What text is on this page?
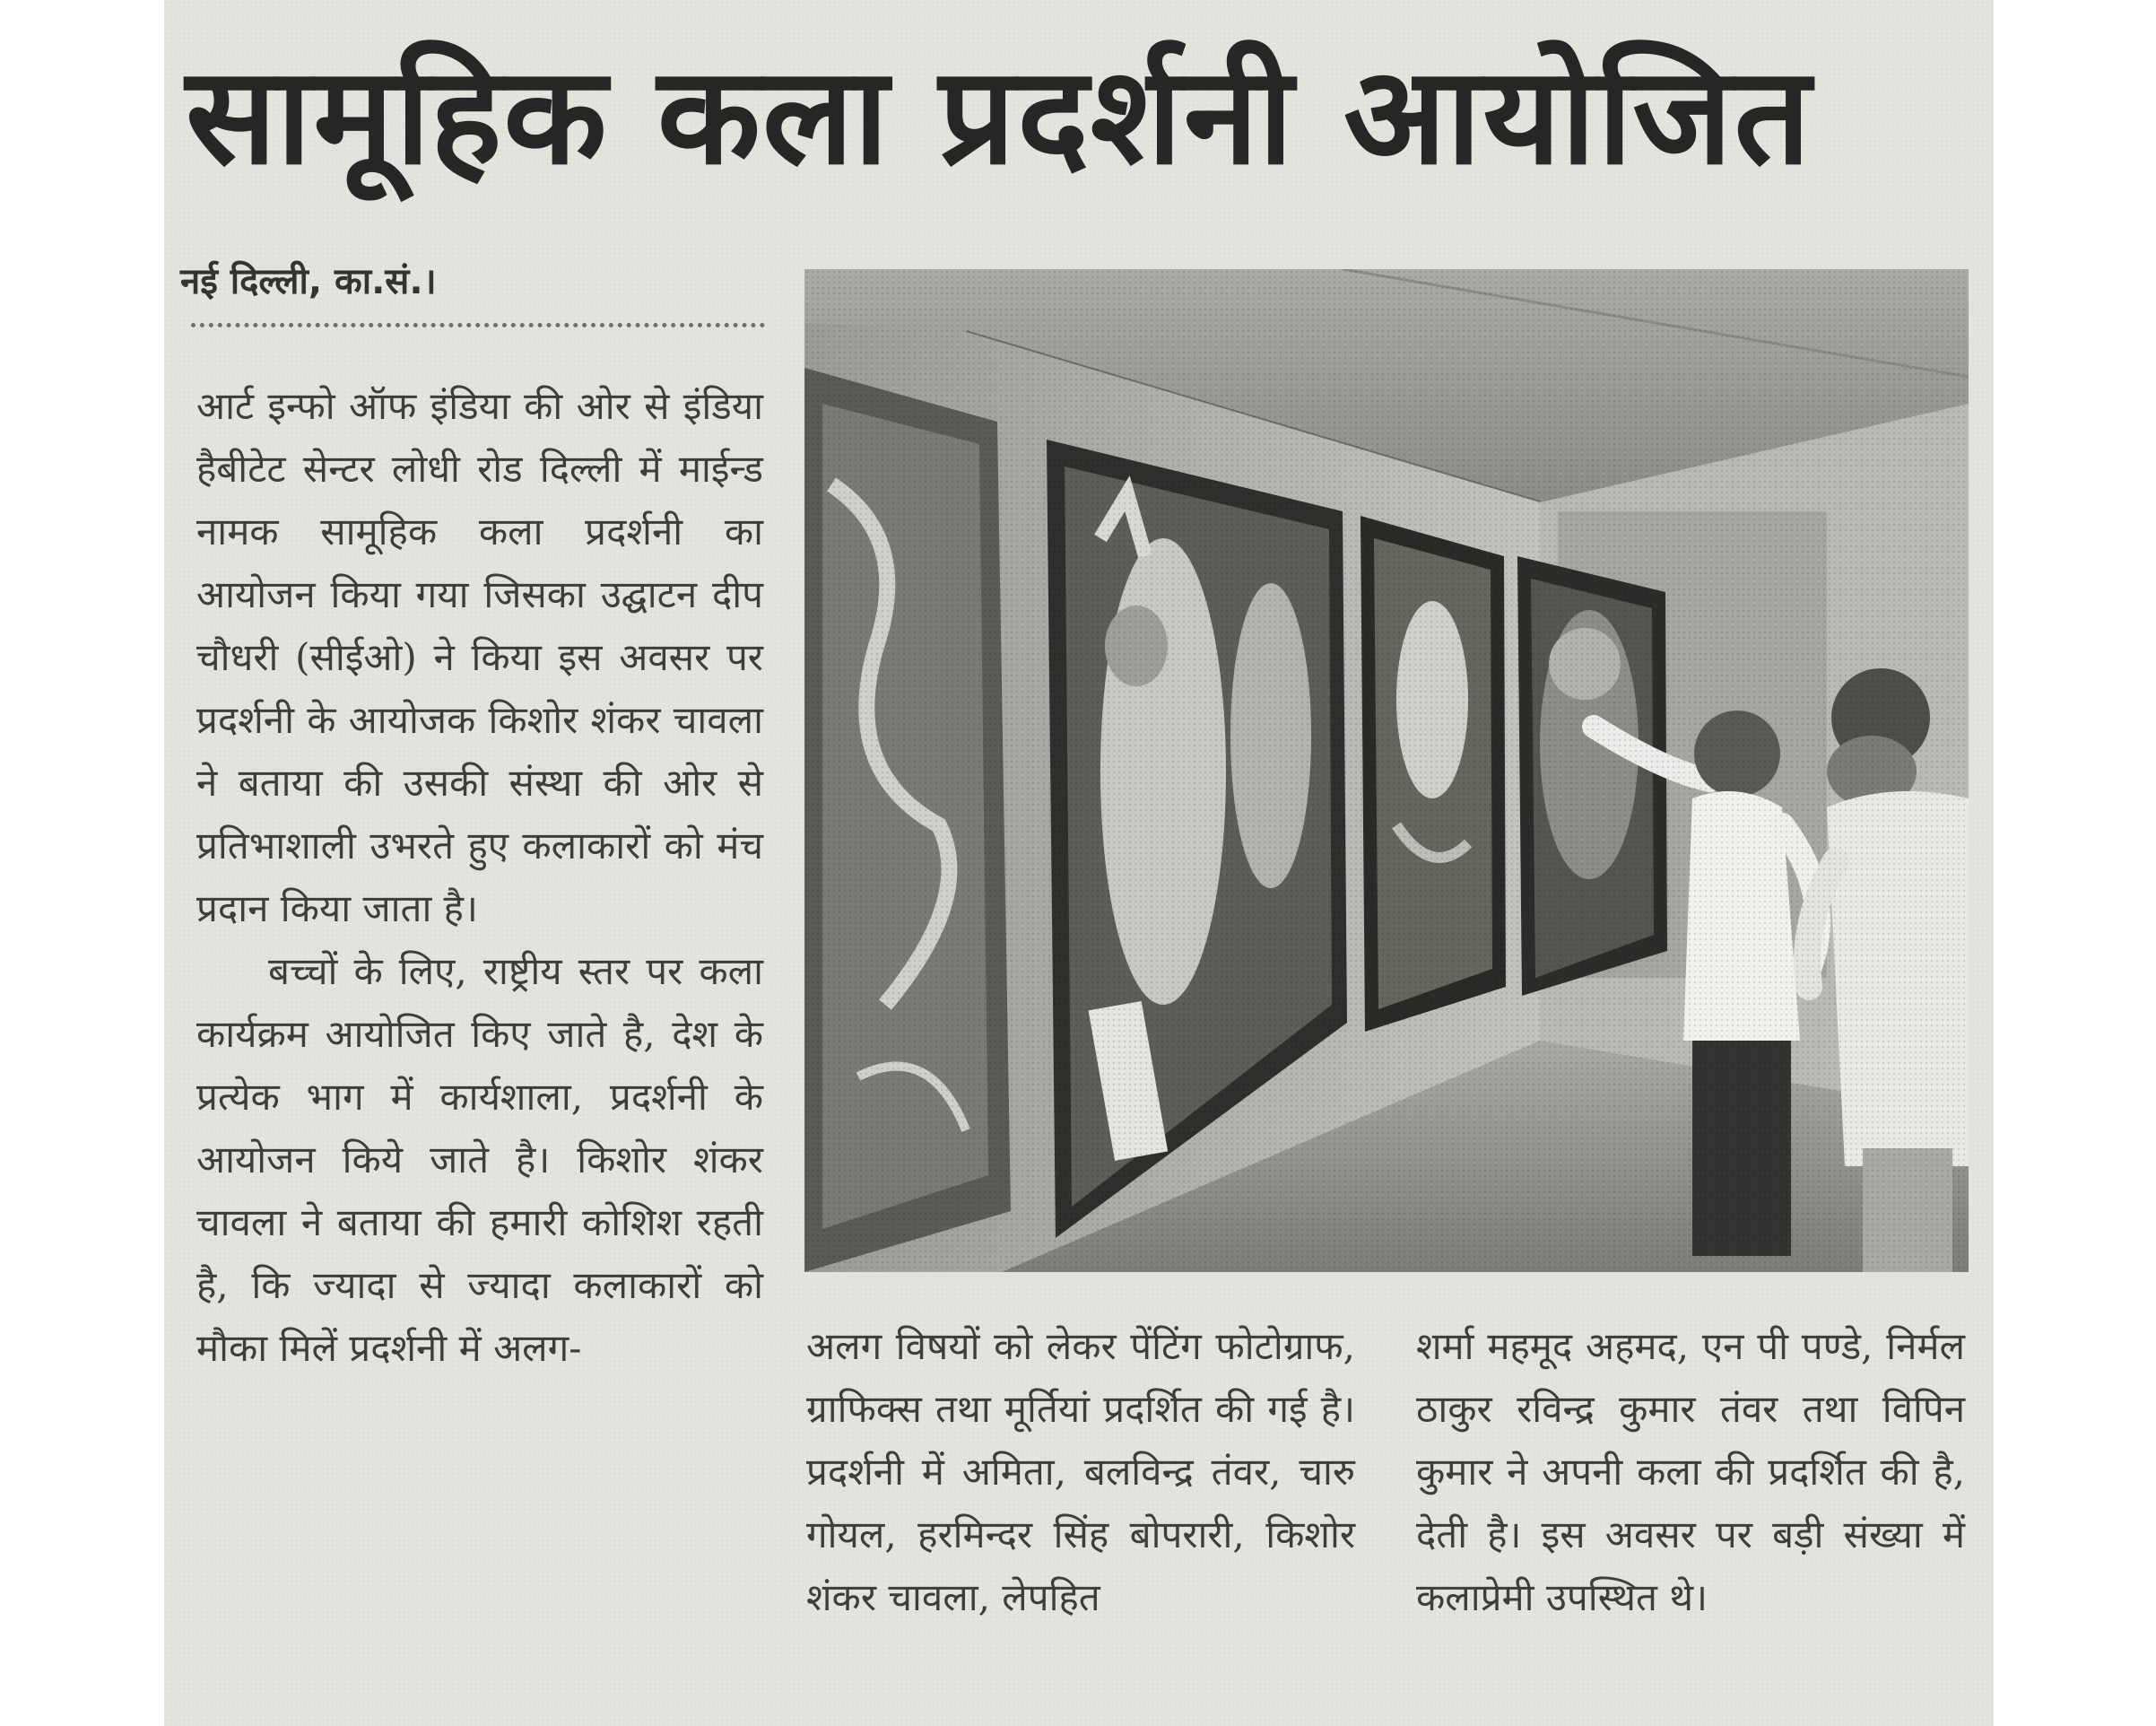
सामूहिक कला प्रदर्शनी आयोजित
नई दिल्ली, का.सं.।

आर्ट इन्फो ऑफ इंडिया की ओर से इंडिया हैबीटेट सेन्टर लोधी रोड दिल्ली में माईन्ड नामक सामूहिक कला प्रदर्शनी का आयोजन किया गया जिसका उद्घाटन दीप चौधरी (सीईओ) ने किया इस अवसर पर प्रदर्शनी के आयोजक किशोर शंकर चावला ने बताया की उसकी संस्था की ओर से प्रतिभाशाली उभरते हुए कलाकारों को मंच प्रदान किया जाता है।

बच्चों के लिए, राष्ट्रीय स्तर पर कला कार्यक्रम आयोजित किए जाते है, देश के प्रत्येक भाग में कार्यशाला, प्रदर्शनी के आयोजन किये जाते है। किशोर शंकर चावला ने बताया की हमारी कोशिश रहती है, कि ज्यादा से ज्यादा कलाकारों को मौका मिलें प्रदर्शनी में अलग-	अलग विषयों को लेकर पेंटिंग फोटोग्राफ, ग्राफिक्स तथा मूर्तियां प्रदर्शित की गई है। प्रदर्शनी में अमिता, बलविन्द्र तंवर, चारु गोयल, हरमिन्दर सिंह बोपरारी, किशोर शंकर चावला, लेपहित
शर्मा महमूद अहमद, एन पी पण्डे, निर्मल ठाकुर रविन्द्र कुमार तंवर तथा विपिन कुमार ने अपनी कला की प्रदर्शित की है, देती है। इस अवसर पर बड़ी संख्या में कलाप्रेमी उपस्थित थे।
